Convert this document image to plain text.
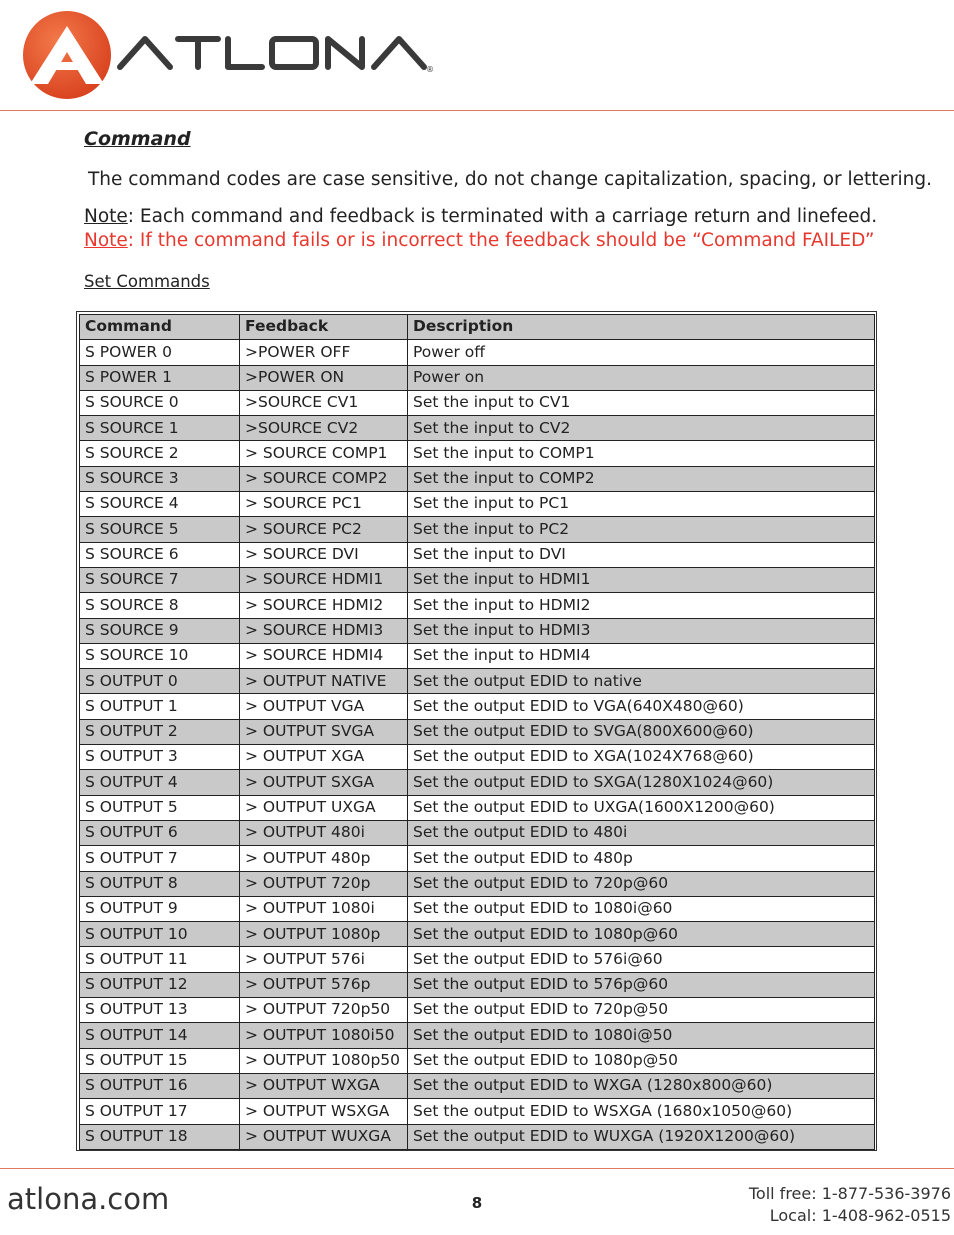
®
Command
The command codes are case sensitive, do not change capitalization, spacing, or lettering.
Note: Each command and feedback is terminated with a carriage return and linefeed.
Note: If the command fails or is incorrect the feedback should be “Command FAILED”
Set Commands
Command	Feedback	Description
S POWER 0	>POWER OFF	Power off
S POWER 1	>POWER ON	Power on
S SOURCE 0	>SOURCE CV1	Set the input to CV1
S SOURCE 1	>SOURCE CV2	Set the input to CV2
S SOURCE 2	> SOURCE COMP1	Set the input to COMP1
S SOURCE 3	> SOURCE COMP2	Set the input to COMP2
S SOURCE 4	> SOURCE PC1	Set the input to PC1
S SOURCE 5	> SOURCE PC2	Set the input to PC2
S SOURCE 6	> SOURCE DVI	Set the input to DVI
S SOURCE 7	> SOURCE HDMI1	Set the input to HDMI1
S SOURCE 8	> SOURCE HDMI2	Set the input to HDMI2
S SOURCE 9	> SOURCE HDMI3	Set the input to HDMI3
S SOURCE 10	> SOURCE HDMI4	Set the input to HDMI4
S OUTPUT 0	> OUTPUT NATIVE	Set the output EDID to native
S OUTPUT 1	> OUTPUT VGA	Set the output EDID to VGA(640X480@60)
S OUTPUT 2	> OUTPUT SVGA	Set the output EDID to SVGA(800X600@60)
S OUTPUT 3	> OUTPUT XGA	Set the output EDID to XGA(1024X768@60)
S OUTPUT 4	> OUTPUT SXGA	Set the output EDID to SXGA(1280X1024@60)
S OUTPUT 5	> OUTPUT UXGA	Set the output EDID to UXGA(1600X1200@60)
S OUTPUT 6	> OUTPUT 480i	Set the output EDID to 480i
S OUTPUT 7	> OUTPUT 480p	Set the output EDID to 480p
S OUTPUT 8	> OUTPUT 720p	Set the output EDID to 720p@60
S OUTPUT 9	> OUTPUT 1080i	Set the output EDID to 1080i@60
S OUTPUT 10	> OUTPUT 1080p	Set the output EDID to 1080p@60
S OUTPUT 11	> OUTPUT 576i	Set the output EDID to 576i@60
S OUTPUT 12	> OUTPUT 576p	Set the output EDID to 576p@60
S OUTPUT 13	> OUTPUT 720p50	Set the output EDID to 720p@50
S OUTPUT 14	> OUTPUT 1080i50	Set the output EDID to 1080i@50
S OUTPUT 15	> OUTPUT 1080p50	Set the output EDID to 1080p@50
S OUTPUT 16	> OUTPUT WXGA	Set the output EDID to WXGA (1280x800@60)
S OUTPUT 17	> OUTPUT WSXGA	Set the output EDID to WSXGA (1680x1050@60)
S OUTPUT 18	> OUTPUT WUXGA	Set the output EDID to WUXGA (1920X1200@60)
atlona.com	8	Toll free: 1-877-536-3976
Local: 1-408-962-0515
